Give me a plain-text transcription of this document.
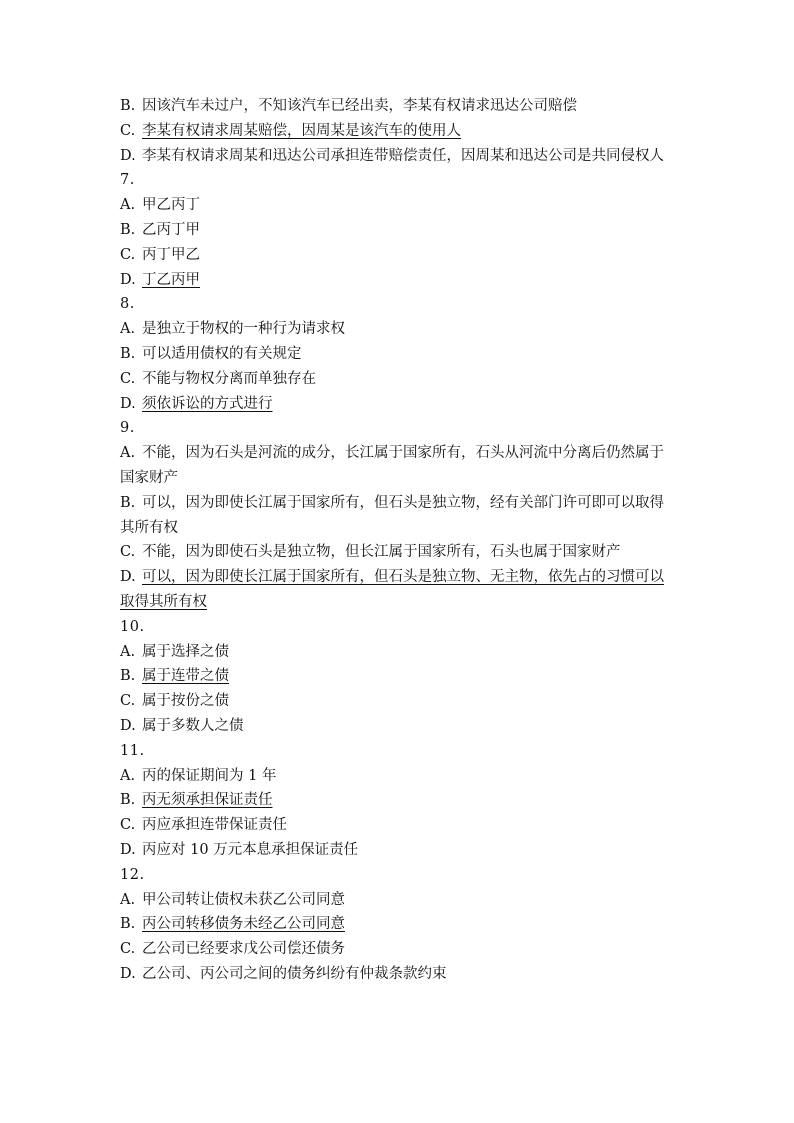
B. 因该汽车未过户，不知该汽车已经出卖，李某有权请求迅达公司赔偿
C. 李某有权请求周某赔偿，因周某是该汽车的使用人
D. 李某有权请求周某和迅达公司承担连带赔偿责任，因周某和迅达公司是共同侵权人
7.
A. 甲乙丙丁
B. 乙丙丁甲
C. 丙丁甲乙
D. 丁乙丙甲
8.
A. 是独立于物权的一种行为请求权
B. 可以适用债权的有关规定
C. 不能与物权分离而单独存在
D. 须依诉讼的方式进行
9.
A. 不能，因为石头是河流的成分，长江属于国家所有，石头从河流中分离后仍然属于国家财产
B. 可以，因为即使长江属于国家所有，但石头是独立物，经有关部门许可即可以取得其所有权
C. 不能，因为即使石头是独立物，但长江属于国家所有，石头也属于国家财产
D. 可以，因为即使长江属于国家所有，但石头是独立物、无主物，依先占的习惯可以取得其所有权
10.
A. 属于选择之债
B. 属于连带之债
C. 属于按份之债
D. 属于多数人之债
11.
A. 丙的保证期间为 1 年
B. 丙无须承担保证责任
C. 丙应承担连带保证责任
D. 丙应对 10 万元本息承担保证责任
12.
A. 甲公司转让债权未获乙公司同意
B. 丙公司转移债务未经乙公司同意
C. 乙公司已经要求戊公司偿还债务
D. 乙公司、丙公司之间的债务纠纷有仲裁条款约束
